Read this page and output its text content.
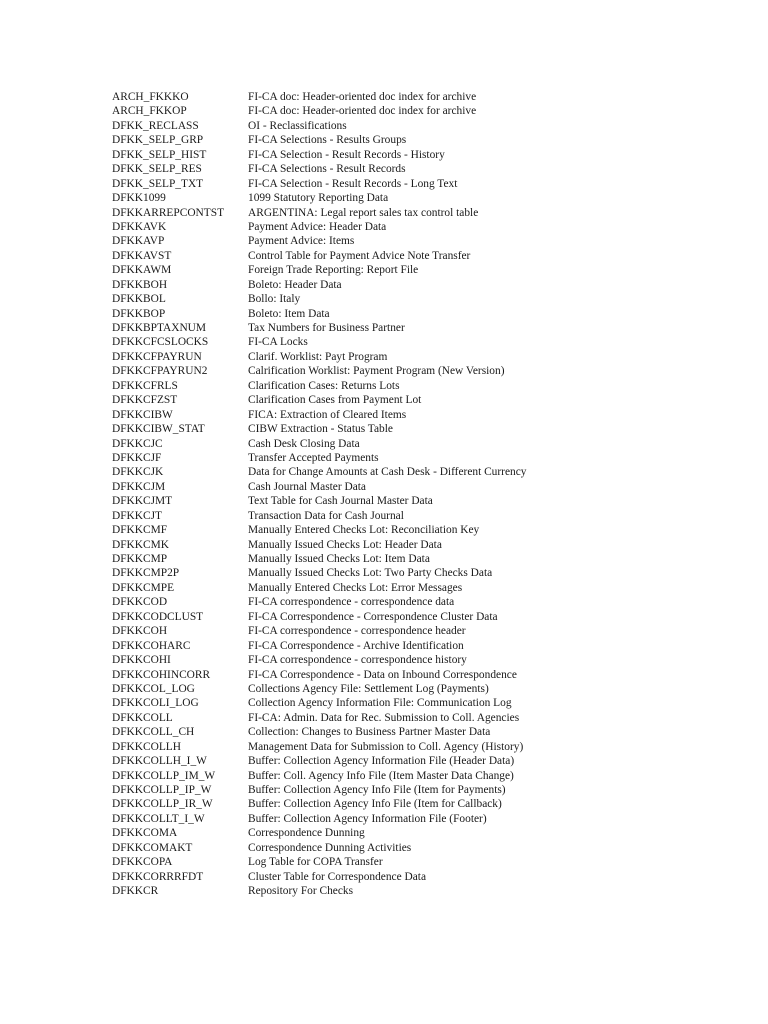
ARCH_FKKKO	FI-CA doc: Header-oriented doc index for archive
ARCH_FKKOP	FI-CA doc: Header-oriented doc index for archive
DFKK_RECLASS	OI - Reclassifications
DFKK_SELP_GRP	FI-CA Selections - Results Groups
DFKK_SELP_HIST	FI-CA Selection - Result Records - History
DFKK_SELP_RES	FI-CA Selections - Result Records
DFKK_SELP_TXT	FI-CA Selection - Result Records - Long Text
DFKK1099	1099 Statutory Reporting Data
DFKKARREPCONTST	ARGENTINA: Legal report sales tax control table
DFKKAVK	Payment Advice: Header Data
DFKKAVP	Payment Advice: Items
DFKKAVST	Control Table for Payment Advice Note Transfer
DFKKAWM	Foreign Trade Reporting: Report File
DFKKBOH	Boleto: Header Data
DFKKBOL	Bollo: Italy
DFKKBOP	Boleto: Item Data
DFKKBPTAXNUM	Tax Numbers for Business Partner
DFKKCFCSLOCKS	FI-CA Locks
DFKKCFPAYRUN	Clarif. Worklist: Payt Program
DFKKCFPAYRUN2	Calrification Worklist: Payment Program (New Version)
DFKKCFRLS	Clarification Cases: Returns Lots
DFKKCFZST	Clarification Cases from Payment Lot
DFKKCIBW	FICA: Extraction of Cleared Items
DFKKCIBW_STAT	CIBW Extraction - Status Table
DFKKCJC	Cash Desk Closing Data
DFKKCJF	Transfer Accepted Payments
DFKKCJK	Data for Change Amounts at Cash Desk - Different Currency
DFKKCJM	Cash Journal Master Data
DFKKCJMT	Text Table for Cash Journal Master Data
DFKKCJT	Transaction Data for Cash Journal
DFKKCMF	Manually Entered Checks Lot: Reconciliation Key
DFKKCMK	Manually Issued Checks Lot: Header Data
DFKKCMP	Manually Issued Checks Lot: Item Data
DFKKCMP2P	Manually Issued Checks Lot: Two Party Checks Data
DFKKCMPE	Manually Entered Checks Lot: Error Messages
DFKKCOD	FI-CA correspondence - correspondence data
DFKKCODCLUST	FI-CA Correspondence - Correspondence Cluster Data
DFKKCOH	FI-CA correspondence - correspondence header
DFKKCOHARC	FI-CA Correspondence - Archive Identification
DFKKCOHI	FI-CA correspondence - correspondence history
DFKKCOHINCORR	FI-CA Correspondence - Data on Inbound Correspondence
DFKKCOL_LOG	Collections Agency File: Settlement Log (Payments)
DFKKCOLI_LOG	Collection Agency Information File: Communication Log
DFKKCOLL	FI-CA: Admin. Data for Rec. Submission to Coll. Agencies
DFKKCOLL_CH	Collection: Changes to Business Partner Master Data
DFKKCOLLH	Management Data for Submission to Coll. Agency (History)
DFKKCOLLH_I_W	Buffer: Collection Agency Information File (Header Data)
DFKKCOLLP_IM_W	Buffer: Coll. Agency Info File (Item Master Data Change)
DFKKCOLLP_IP_W	Buffer: Collection Agency Info File (Item for Payments)
DFKKCOLLP_IR_W	Buffer: Collection Agency Info File (Item for Callback)
DFKKCOLLT_I_W	Buffer: Collection Agency Information File (Footer)
DFKKCOMA	Correspondence Dunning
DFKKCOMAKT	Correspondence Dunning Activities
DFKKCOPA	Log Table for COPA Transfer
DFKKCORRRFDT	Cluster Table for Correspondence Data
DFKKCR	Repository For Checks
